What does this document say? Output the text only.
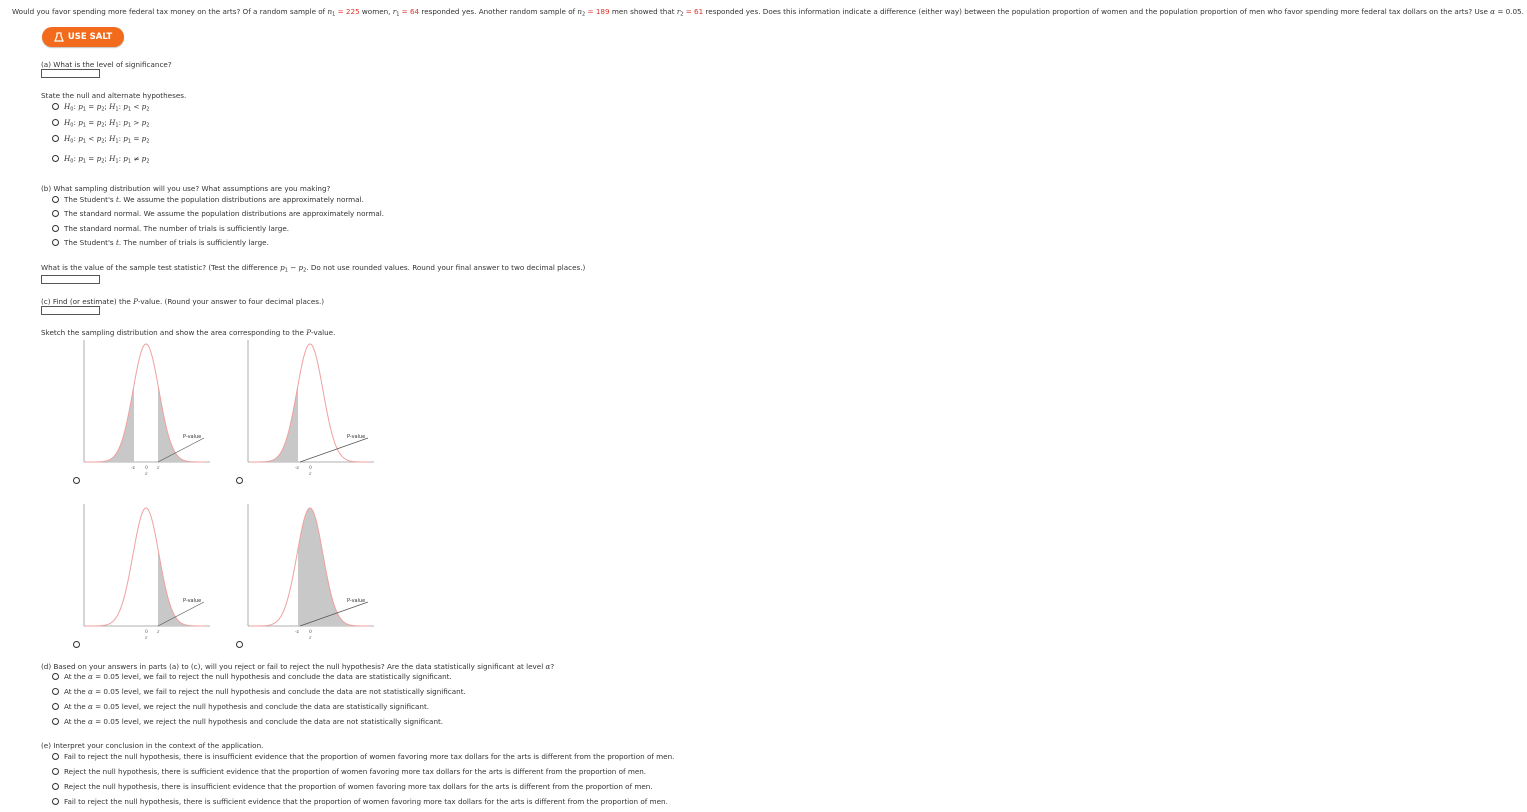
Would you favor spending more federal tax money on the arts? Of a random sample of $n_1 = 225$ women, $r_1 = 64$ responded yes. Another random sample of $n_2 = 189$ men showed that $r_2 = 61$ responded yes. Does this information indicate a difference (either way) between the population proportion of women and the population proportion of men who favor spending more federal tax dollars on the arts? Use α = 0.05.
USE SALT
(a) What is the level of significance?
State the null and alternate hypotheses.
$H_0$: $p_1 = p_2$; $H_1$: $p_1 < p_2$
$H_0$: $p_1 = p_2$; $H_1$: $p_1 > p_2$
$H_0$: $p_1 < p_2$; $H_1$: $p_1 = p_2$
$H_0$: $p_1 = p_2$; $H_1$: $p_1 \ne p_2$
(b) What sampling distribution will you use? What assumptions are you making?
The Student's t. We assume the population distributions are approximately normal.
The standard normal. We assume the population distributions are approximately normal.
The standard normal. The number of trials is sufficiently large.
The Student's t. The number of trials is sufficiently large.
What is the value of the sample test statistic? (Test the difference $p_1 - p_2$. Do not use rounded values. Round your final answer to two decimal places.)
(c) Find (or estimate) the P-value. (Round your answer to four decimal places.)
Sketch the sampling distribution and show the area corresponding to the P-value.
P-value
-z 0 z
z
P-value
-z 0
z
P-value
0 z
z
P-value
-z 0
z
(d) Based on your answers in parts (a) to (c), will you reject or fail to reject the null hypothesis? Are the data statistically significant at level α?
At the α = 0.05 level, we fail to reject the null hypothesis and conclude the data are statistically significant.
At the α = 0.05 level, we fail to reject the null hypothesis and conclude the data are not statistically significant.
At the α = 0.05 level, we reject the null hypothesis and conclude the data are statistically significant.
At the α = 0.05 level, we reject the null hypothesis and conclude the data are not statistically significant.
(e) Interpret your conclusion in the context of the application.
Fail to reject the null hypothesis, there is insufficient evidence that the proportion of women favoring more tax dollars for the arts is different from the proportion of men.
Reject the null hypothesis, there is sufficient evidence that the proportion of women favoring more tax dollars for the arts is different from the proportion of men.
Reject the null hypothesis, there is insufficient evidence that the proportion of women favoring more tax dollars for the arts is different from the proportion of men.
Fail to reject the null hypothesis, there is sufficient evidence that the proportion of women favoring more tax dollars for the arts is different from the proportion of men.
